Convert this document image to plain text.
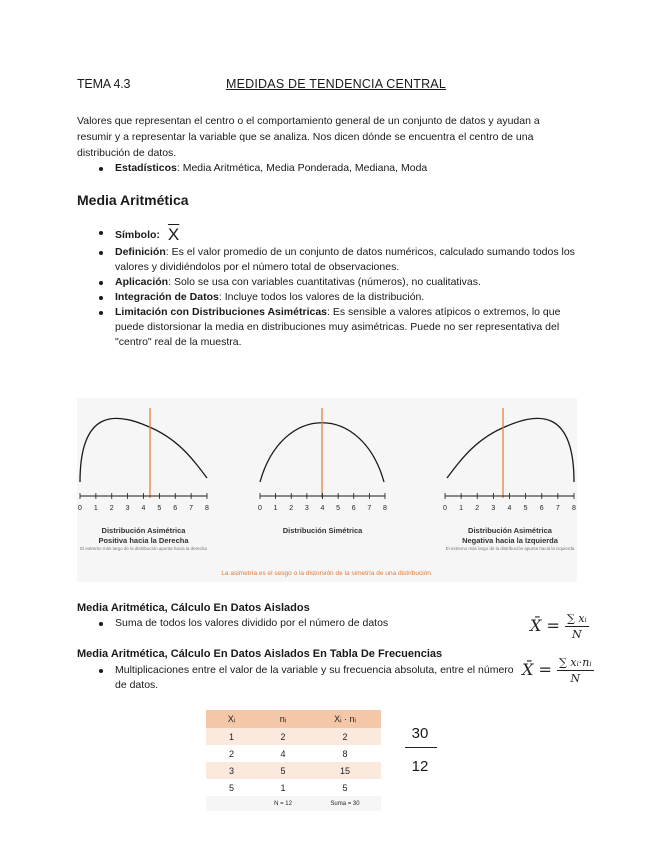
TEMA 4.3	MEDIDAS DE TENDENCIA CENTRAL
Valores que representan el centro o el comportamiento general de un conjunto de datos y ayudan a resumir y a representar la variable que se analiza. Nos dicen dónde se encuentra el centro de una distribución de datos.
Estadísticos: Media Aritmética, Media Ponderada, Mediana, Moda
Media Aritmética
Símbolo: $\overline{X}$
Definición: Es el valor promedio de un conjunto de datos numéricos, calculado sumando todos los valores y dividiéndolos por el número total de observaciones.
Aplicación: Solo se usa con variables cuantitativas (números), no cualitativas.
Integración de Datos: Incluye todos los valores de la distribución.
Limitación con Distribuciones Asimétricas: Es sensible a valores atípicos o extremos, lo que puede distorsionar la media en distribuciones muy asimétricas. Puede no ser representativa del "centro" real de la muestra.
0 1 2 3 4 5 6 7 8	0 1 2 3 4 5 6 7 8	0 1 2 3 4 5 6 7 8
Distribución Asimétrica
Positiva hacia la Derecha
El extremo más largo de la distribución apunta hacia la derecha
Distribución Simétrica	Distribución Asimétrica
Negativa hacia la Izquierda
El extremo más largo de la distribución apunta hacia la izquierda
La asimetría es el sesgo o la distorsión de la simetría de una distribución.
Media Aritmética, Cálculo En Datos Aislados
Suma de todos los valores dividido por el número de datos	X̄ = $\frac{\text{∑ xᵢ}}{N}$
Media Aritmética, Cálculo En Datos Aislados En Tabla De Frecuencias
Multiplicaciones entre el valor de la variable y su frecuencia absoluta, entre el número de datos.
X̄ = $\frac{\text{∑ xᵢ·nᵢ}}{N}$
Xᵢ	nᵢ	Xᵢ · nᵢ
1	2	2
2	4	8
3	5	15
5	1	5
	N = 12	Suma = 30
30
12
